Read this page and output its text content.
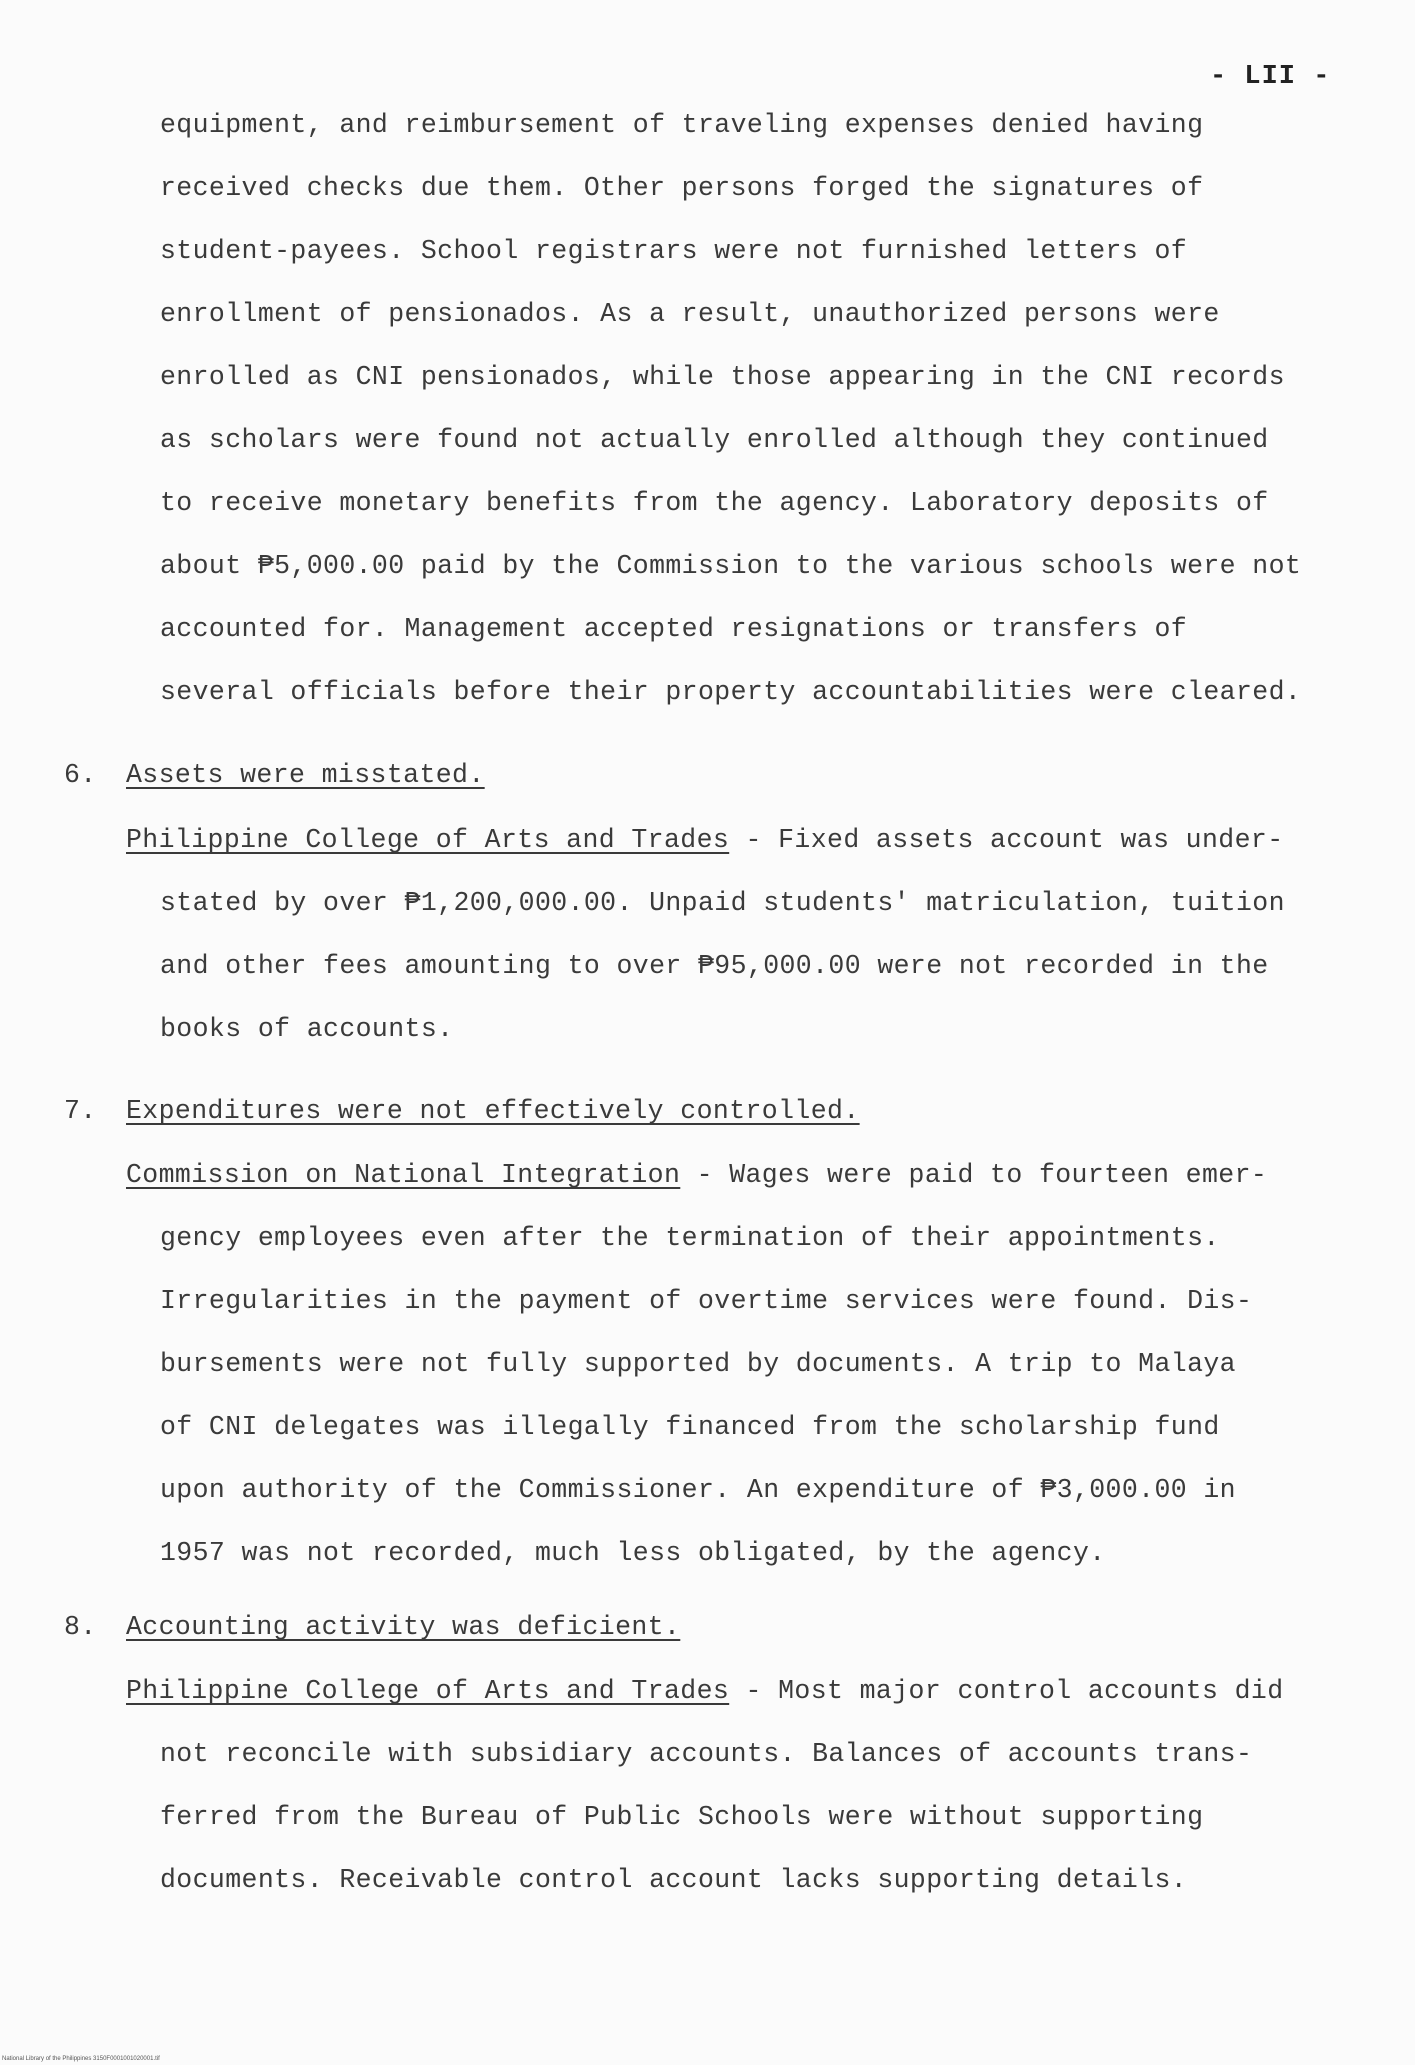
- LII -
equipment, and reimbursement of traveling expenses denied having
received checks due them. Other persons forged the signatures of
student-payees. School registrars were not furnished letters of
enrollment of pensionados. As a result, unauthorized persons were
enrolled as CNI pensionados, while those appearing in the CNI records
as scholars were found not actually enrolled although they continued
to receive monetary benefits from the agency. Laboratory deposits of
about ₱5,000.00 paid by the Commission to the various schools were not
accounted for. Management accepted resignations or transfers of
several officials before their property accountabilities were cleared.
6. Assets were misstated.
Philippine College of Arts and Trades - Fixed assets account was under-
stated by over ₱1,200,000.00. Unpaid students' matriculation, tuition
and other fees amounting to over ₱95,000.00 were not recorded in the
books of accounts.
7. Expenditures were not effectively controlled.
Commission on National Integration - Wages were paid to fourteen emer-
gency employees even after the termination of their appointments.
Irregularities in the payment of overtime services were found. Dis-
bursements were not fully supported by documents. A trip to Malaya
of CNI delegates was illegally financed from the scholarship fund
upon authority of the Commissioner. An expenditure of ₱3,000.00 in
1957 was not recorded, much less obligated, by the agency.
8. Accounting activity was deficient.
Philippine College of Arts and Trades - Most major control accounts did
not reconcile with subsidiary accounts. Balances of accounts trans-
ferred from the Bureau of Public Schools were without supporting
documents. Receivable control account lacks supporting details.
National Library of the Philippines 3150F0001001020001.tif
